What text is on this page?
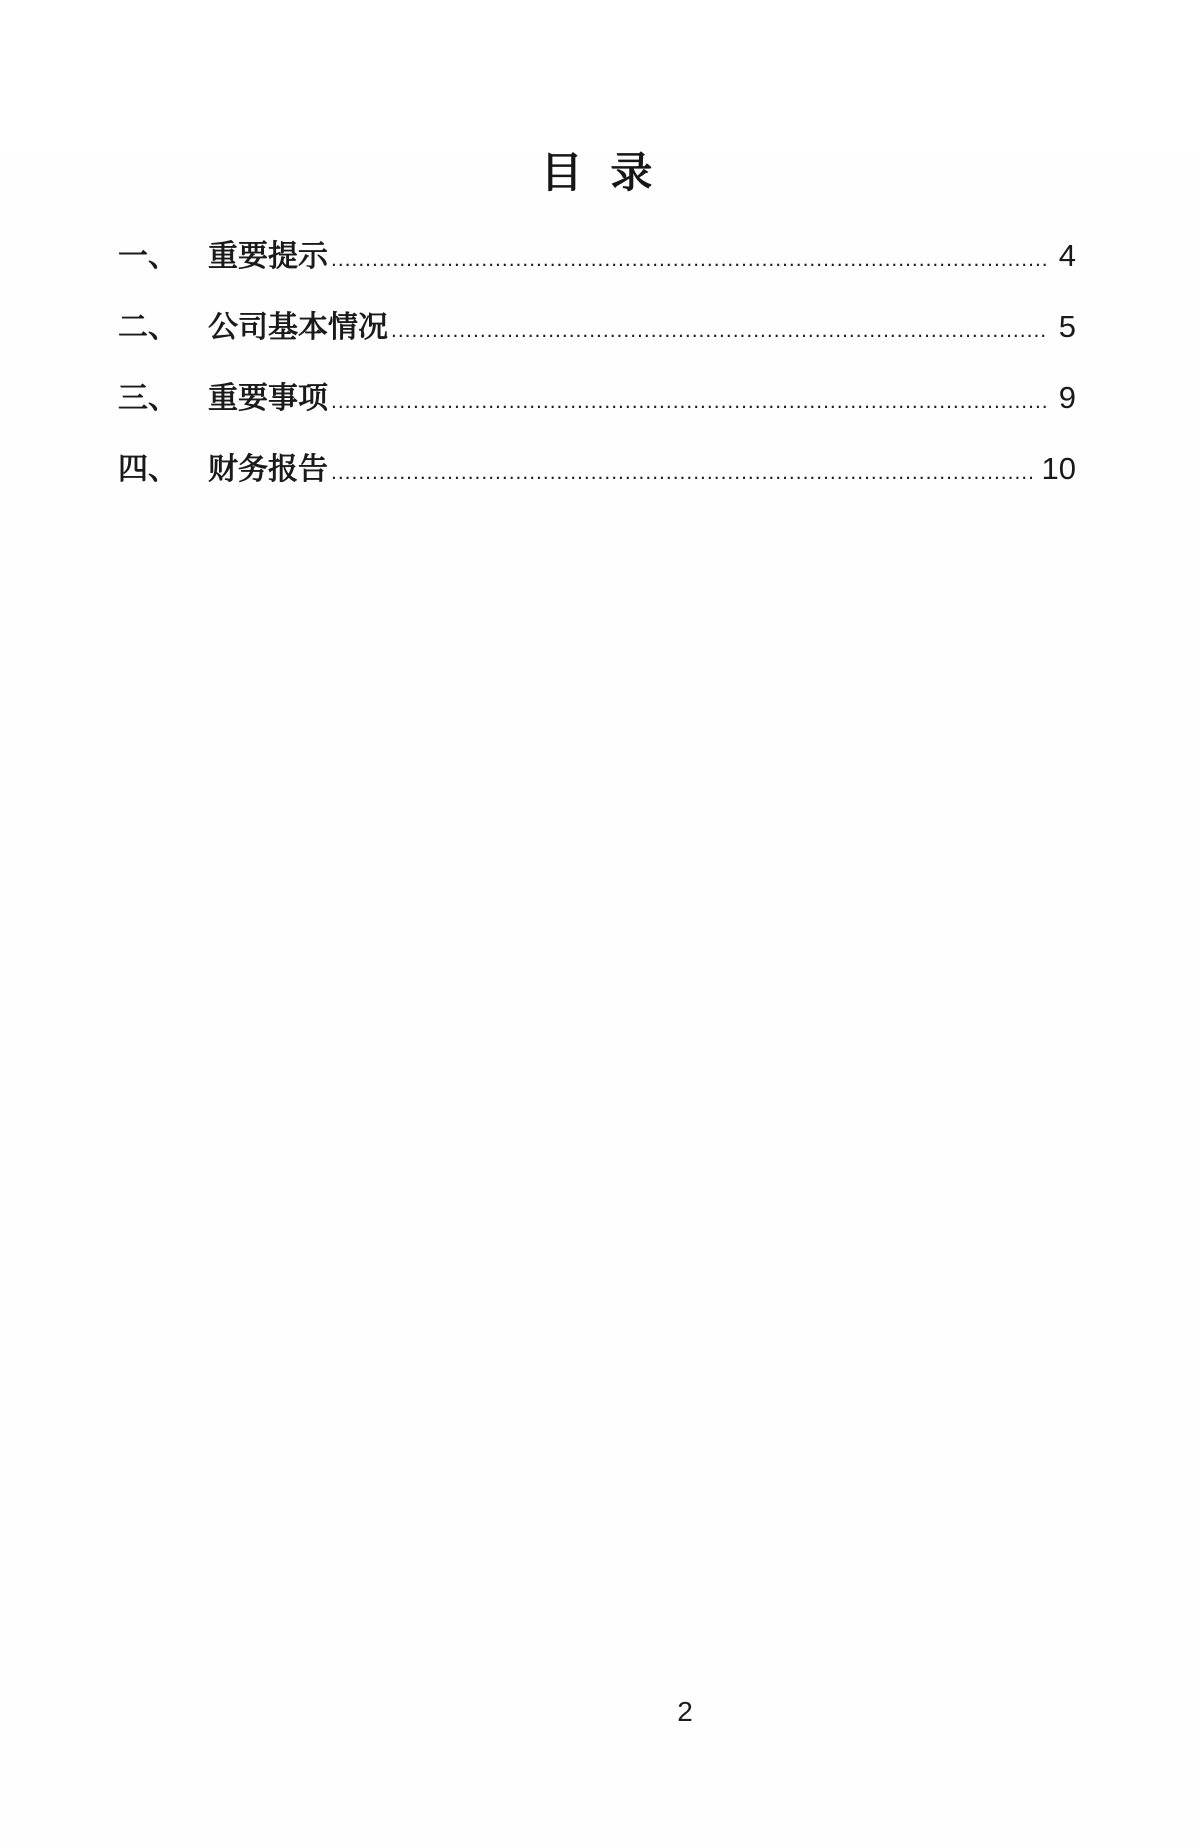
目 录
一、	重要提示 .....	4
二、	公司基本情况 .....	5
三、	重要事项 .....	9
四、	财务报告 .....	10
2
